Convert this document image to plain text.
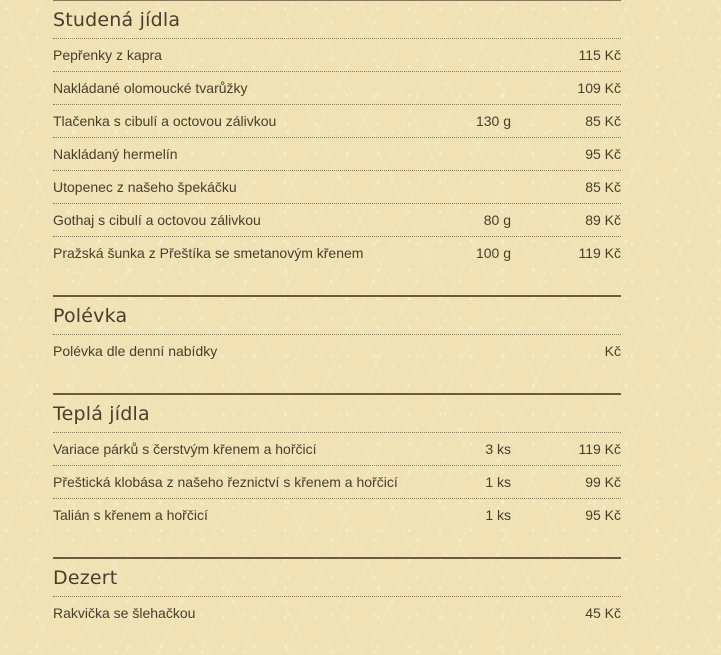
Studená jídla
Pepřenky z kapra	115 Kč
Nakládané olomoucké tvarůžky	109 Kč
Tlačenka s cibulí a octovou zálivkou	130 g	85 Kč
Nakládaný hermelín	95 Kč
Utopenec z našeho špekáčku	85 Kč
Gothaj s cibulí a octovou zálivkou	80 g	89 Kč
Pražská šunka z Přeštíka se smetanovým křenem	100 g	119 Kč
Polévka
Polévka dle denní nabídky	Kč
Teplá jídla
Variace párků s čerstvým křenem a hořčicí	3 ks	119 Kč
Přeštická klobása z našeho řeznictví s křenem a hořčicí	1 ks	99 Kč
Talián s křenem a hořčicí	1 ks	95 Kč
Dezert
Rakvička se šlehačkou	45 Kč
